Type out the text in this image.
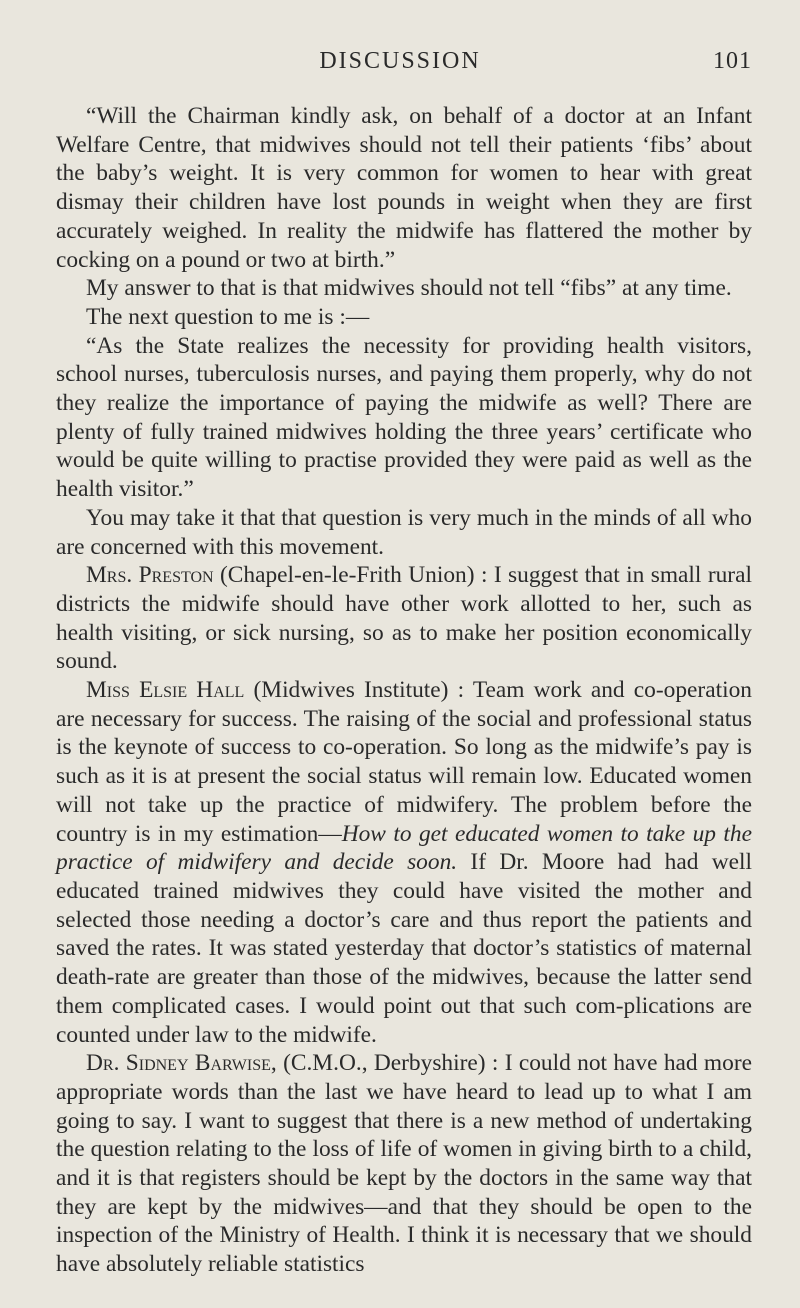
DISCUSSION	101

“Will the Chairman kindly ask, on behalf of a doctor at an Infant Welfare Centre, that midwives should not tell their patients ‘fibs’ about the baby’s weight. It is very common for women to hear with great dismay their children have lost pounds in weight when they are first accurately weighed. In reality the midwife has flattered the mother by cocking on a pound or two at birth.”

My answer to that is that midwives should not tell “fibs” at any time.

The next question to me is :—

“As the State realizes the necessity for providing health visitors, school nurses, tuberculosis nurses, and paying them properly, why do not they realize the importance of paying the midwife as well? There are plenty of fully trained midwives holding the three years’ certificate who would be quite willing to practise provided they were paid as well as the health visitor.”

You may take it that that question is very much in the minds of all who are concerned with this movement.

Mrs. Preston (Chapel-en-le-Frith Union) : I suggest that in small rural districts the midwife should have other work allotted to her, such as health visiting, or sick nursing, so as to make her position economically sound.

Miss Elsie Hall (Midwives Institute) : Team work and co-operation are necessary for success. The raising of the social and professional status is the keynote of success to co-operation. So long as the midwife’s pay is such as it is at present the social status will remain low. Educated women will not take up the practice of midwifery. The problem before the country is in my estimation—How to get educated women to take up the practice of midwifery and decide soon. If Dr. Moore had had well educated trained midwives they could have visited the mother and selected those needing a doctor’s care and thus report the patients and saved the rates. It was stated yesterday that doctor’s statistics of maternal death-rate are greater than those of the midwives, because the latter send them complicated cases. I would point out that such com-plications are counted under law to the midwife.

Dr. Sidney Barwise, (C.M.O., Derbyshire) : I could not have had more appropriate words than the last we have heard to lead up to what I am going to say. I want to suggest that there is a new method of undertaking the question relating to the loss of life of women in giving birth to a child, and it is that registers should be kept by the doctors in the same way that they are kept by the midwives—and that they should be open to the inspection of the Ministry of Health. I think it is necessary that we should have absolutely reliable statistics
